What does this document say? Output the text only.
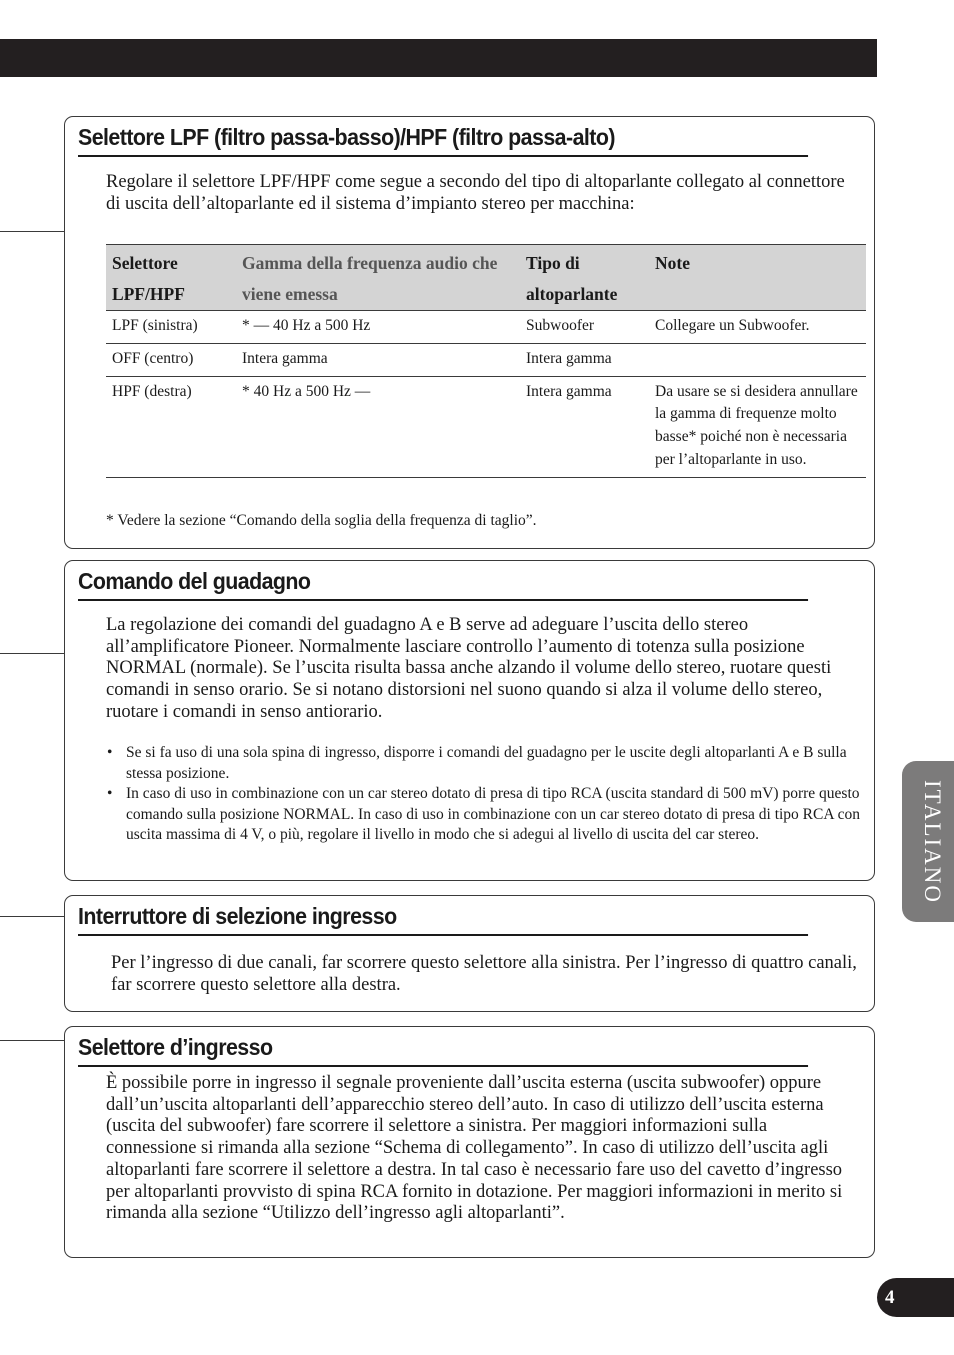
Selettore LPF (filtro passa-basso)/HPF (filtro passa-alto)
Regolare il selettore LPF/HPF come segue a secondo del tipo di altoparlante collegato al connettore di uscita dell’altoparlante ed il sistema d’impianto stereo per macchina:
Selettore LPF/HPF	Gamma della frequenza audio che viene emessa	Tipo di altoparlante	Note
LPF (sinistra)	* — 40 Hz a 500 Hz	Subwoofer	Collegare un Subwoofer.
OFF (centro)	Intera gamma	Intera gamma	
HPF (destra)	* 40 Hz a 500 Hz —	Intera gamma	Da usare se si desidera annullare la gamma di frequenze molto basse* poiché non è necessaria per l’altoparlante in uso.
* Vedere la sezione “Comando della soglia della frequenza di taglio”.
Comando del guadagno
La regolazione dei comandi del guadagno A e B serve ad adeguare l’uscita dello stereo all’amplificatore Pioneer. Normalmente lasciare controllo l’aumento di totenza sulla posizione NORMAL (normale). Se l’uscita risulta bassa anche alzando il volume dello stereo, ruotare questi comandi in senso orario. Se si notano distorsioni nel suono quando si alza il volume dello stereo, ruotare i comandi in senso antiorario.
• Se si fa uso di una sola spina di ingresso, disporre i comandi del guadagno per le uscite degli altoparlanti A e B sulla stessa posizione.
• In caso di uso in combinazione con un car stereo dotato di presa di tipo RCA (uscita standard di 500 mV) porre questo comando sulla posizione NORMAL. In caso di uso in combinazione con un car stereo dotato di presa di tipo RCA con uscita massima di 4 V, o più, regolare il livello in modo che si adegui al livello di uscita del car stereo.
Interruttore di selezione ingresso
Per l’ingresso di due canali, far scorrere questo selettore alla sinistra. Per l’ingresso di quattro canali, far scorrere questo selettore alla destra.
Selettore d’ingresso
È possibile porre in ingresso il segnale proveniente dall’uscita esterna (uscita subwoofer) oppure dall’un’uscita altoparlanti dell’apparecchio stereo dell’auto. In caso di utilizzo dell’uscita esterna (uscita del subwoofer) fare scorrere il selettore a sinistra. Per maggiori informazioni sulla connessione si rimanda alla sezione “Schema di collegamento”. In caso di utilizzo dell’uscita agli altoparlanti fare scorrere il selettore a destra. In tal caso è necessario fare uso del cavetto d’ingresso per altoparlanti provvisto di spina RCA fornito in dotazione. Per maggiori informazioni in merito si rimanda alla sezione “Utilizzo dell’ingresso agli altoparlanti”.
ITALIANO
4
